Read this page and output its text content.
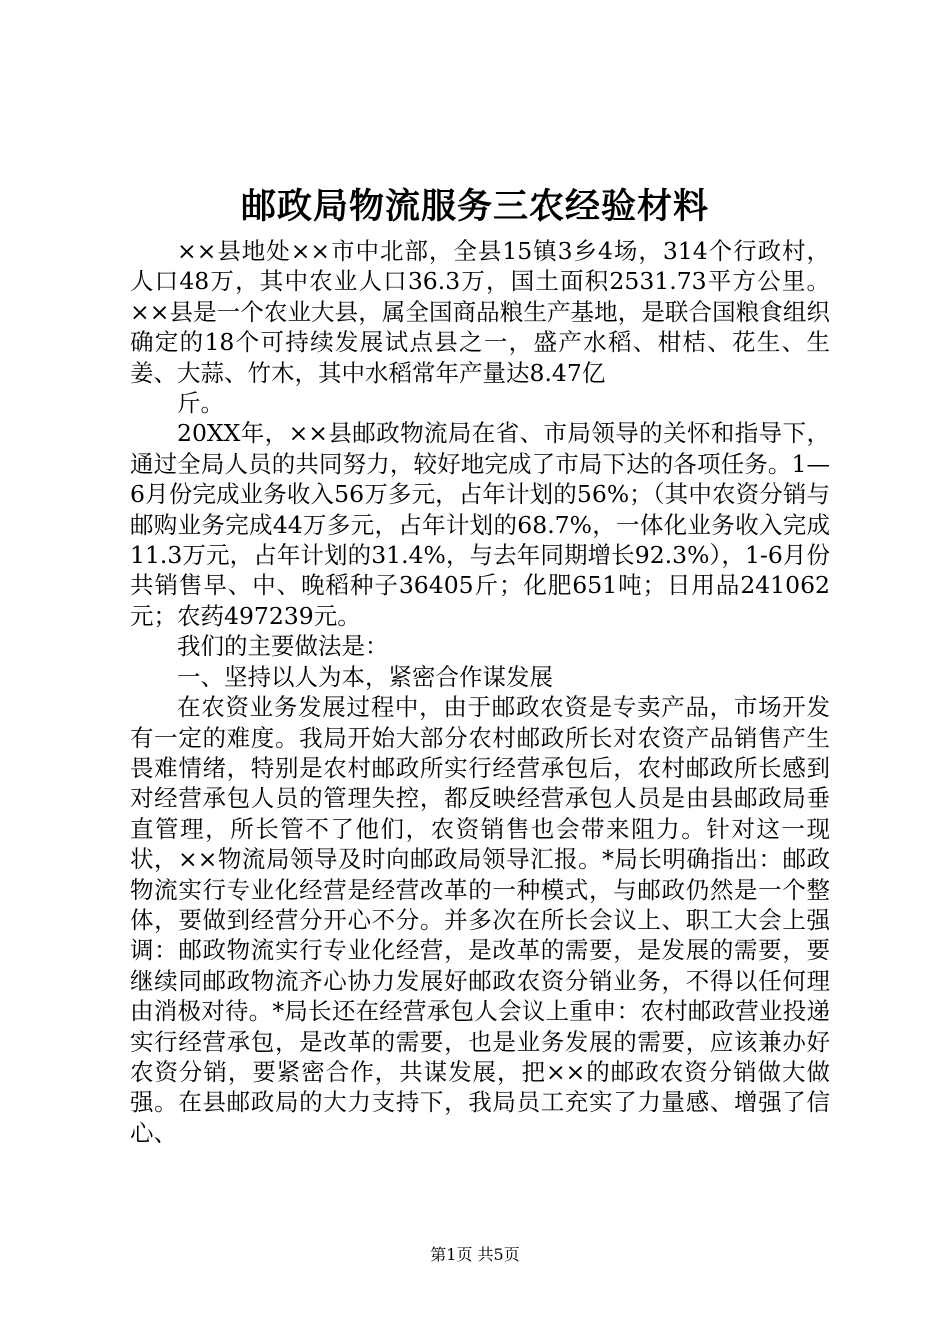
邮政局物流服务三农经验材料

××县地处××市中北部，全县15镇3乡4场，314个行政村，人口48万，其中农业人口36.3万，国土面积2531.73平方公里。××县是一个农业大县，属全国商品粮生产基地，是联合国粮食组织确定的18个可持续发展试点县之一，盛产水稻、柑桔、花生、生姜、大蒜、竹木，其中水稻常年产量达8.47亿

斤。

20XX年，××县邮政物流局在省、市局领导的关怀和指导下，通过全局人员的共同努力，较好地完成了市局下达的各项任务。1—6月份完成业务收入56万多元，占年计划的56%；（其中农资分销与邮购业务完成44万多元，占年计划的68.7%，一体化业务收入完成11.3万元，占年计划的31.4%，与去年同期增长92.3%），1-6月份共销售早、中、晚稻种子36405斤；化肥651吨；日用品241062元；农药497239元。

我们的主要做法是：

一、坚持以人为本，紧密合作谋发展

在农资业务发展过程中，由于邮政农资是专卖产品，市场开发有一定的难度。我局开始大部分农村邮政所长对农资产品销售产生畏难情绪，特别是农村邮政所实行经营承包后，农村邮政所长感到对经营承包人员的管理失控，都反映经营承包人员是由县邮政局垂直管理，所长管不了他们，农资销售也会带来阻力。针对这一现状，××物流局领导及时向邮政局领导汇报。*局长明确指出：邮政物流实行专业化经营是经营改革的一种模式，与邮政仍然是一个整体，要做到经营分开心不分。并多次在所长会议上、职工大会上强调：邮政物流实行专业化经营，是改革的需要，是发展的需要，要继续同邮政物流齐心协力发展好邮政农资分销业务，不得以任何理由消极对待。*局长还在经营承包人会议上重申：农村邮政营业投递实行经营承包，是改革的需要，也是业务发展的需要，应该兼办好农资分销，要紧密合作，共谋发展，把××的邮政农资分销做大做强。在县邮政局的大力支持下，我局员工充实了力量感、增强了信心、

第1页 共5页
